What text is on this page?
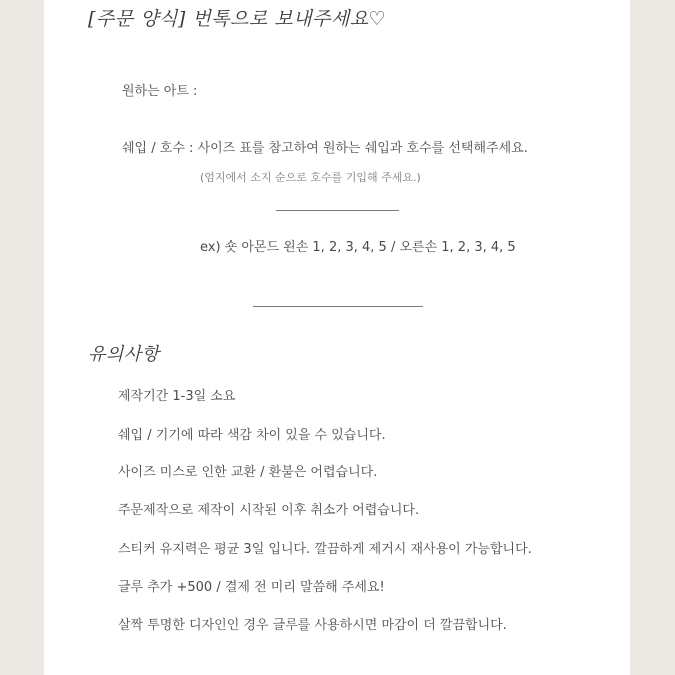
[주문 양식] 번톡으로 보내주세요♡
원하는 아트 :
쉐입 / 호수 : 사이즈 표를 참고하여 원하는 쉐입과 호수를 선택해주세요.
(엄지에서 소지 순으로 호수를 기입해 주세요.)
ex) 숏 아몬드 왼손 1, 2, 3, 4, 5 / 오른손 1, 2, 3, 4, 5
유의사항
제작기간 1-3일 소요
쉐입 / 기기에 따라 색감 차이 있을 수 있습니다.
사이즈 미스로 인한 교환 / 환불은 어렵습니다.
주문제작으로 제작이 시작된 이후 취소가 어렵습니다.
스티커 유지력은 평균 3일 입니다. 깔끔하게 제거시 재사용이 가능합니다.
글루 추가 +500 / 결제 전 미리 말씀해 주세요!
살짝 투명한 디자인인 경우 글루를 사용하시면 마감이 더 깔끔합니다.
